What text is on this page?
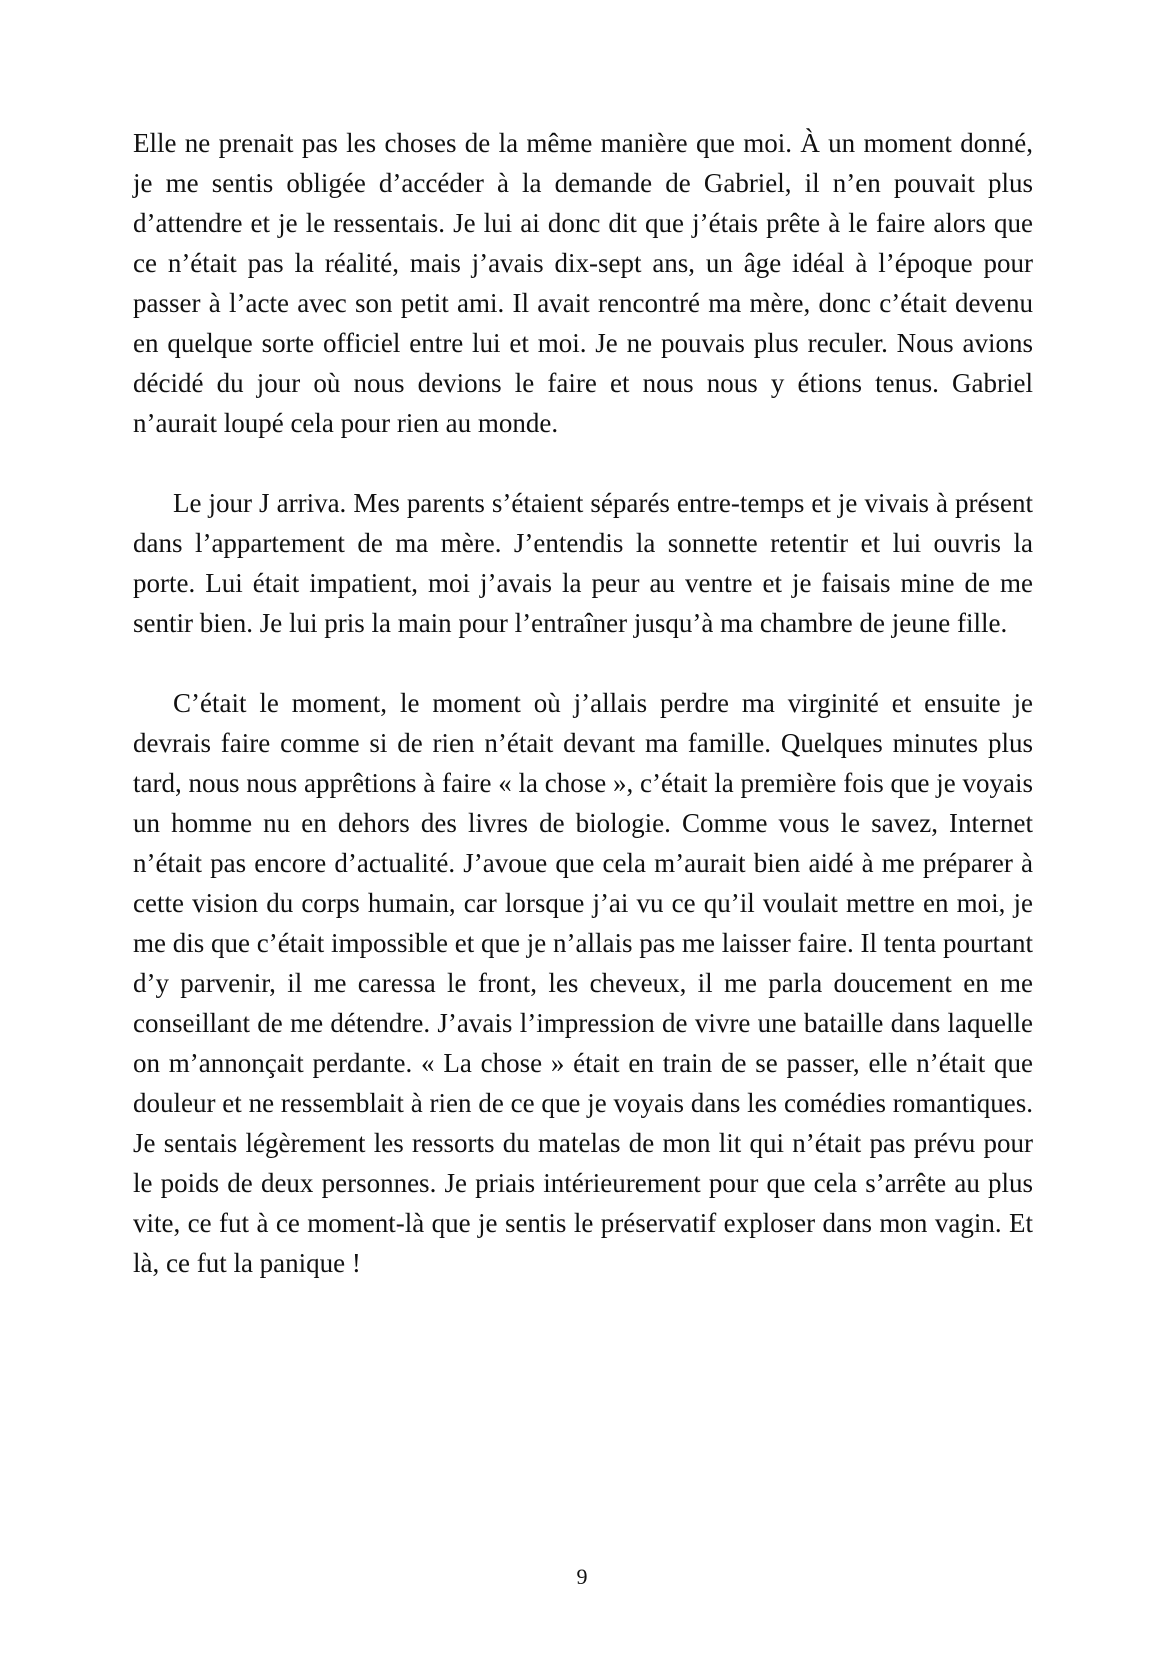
Elle ne prenait pas les choses de la même manière que moi. À un moment donné, je me sentis obligée d’accéder à la demande de Gabriel, il n’en pouvait plus d’attendre et je le ressentais. Je lui ai donc dit que j’étais prête à le faire alors que ce n’était pas la réalité, mais j’avais dix-sept ans, un âge idéal à l’époque pour passer à l’acte avec son petit ami. Il avait rencontré ma mère, donc c’était devenu en quelque sorte officiel entre lui et moi. Je ne pouvais plus reculer. Nous avions décidé du jour où nous devions le faire et nous nous y étions tenus. Gabriel n’aurait loupé cela pour rien au monde.

Le jour J arriva. Mes parents s’étaient séparés entre-temps et je vivais à présent dans l’appartement de ma mère. J’entendis la sonnette retentir et lui ouvris la porte. Lui était impatient, moi j’avais la peur au ventre et je faisais mine de me sentir bien. Je lui pris la main pour l’entraîner jusqu’à ma chambre de jeune fille.

C’était le moment, le moment où j’allais perdre ma virginité et ensuite je devrais faire comme si de rien n’était devant ma famille. Quelques minutes plus tard, nous nous apprêtions à faire « la chose », c’était la première fois que je voyais un homme nu en dehors des livres de biologie. Comme vous le savez, Internet n’était pas encore d’actualité. J’avoue que cela m’aurait bien aidé à me préparer à cette vision du corps humain, car lorsque j’ai vu ce qu’il voulait mettre en moi, je me dis que c’était impossible et que je n’allais pas me laisser faire. Il tenta pourtant d’y parvenir, il me caressa le front, les cheveux, il me parla doucement en me conseillant de me détendre. J’avais l’impression de vivre une bataille dans laquelle on m’annonçait perdante. « La chose » était en train de se passer, elle n’était que douleur et ne ressemblait à rien de ce que je voyais dans les comédies romantiques. Je sentais légèrement les ressorts du matelas de mon lit qui n’était pas prévu pour le poids de deux personnes. Je priais intérieurement pour que cela s’arrête au plus vite, ce fut à ce moment-là que je sentis le préservatif exploser dans mon vagin. Et là, ce fut la panique !

9
